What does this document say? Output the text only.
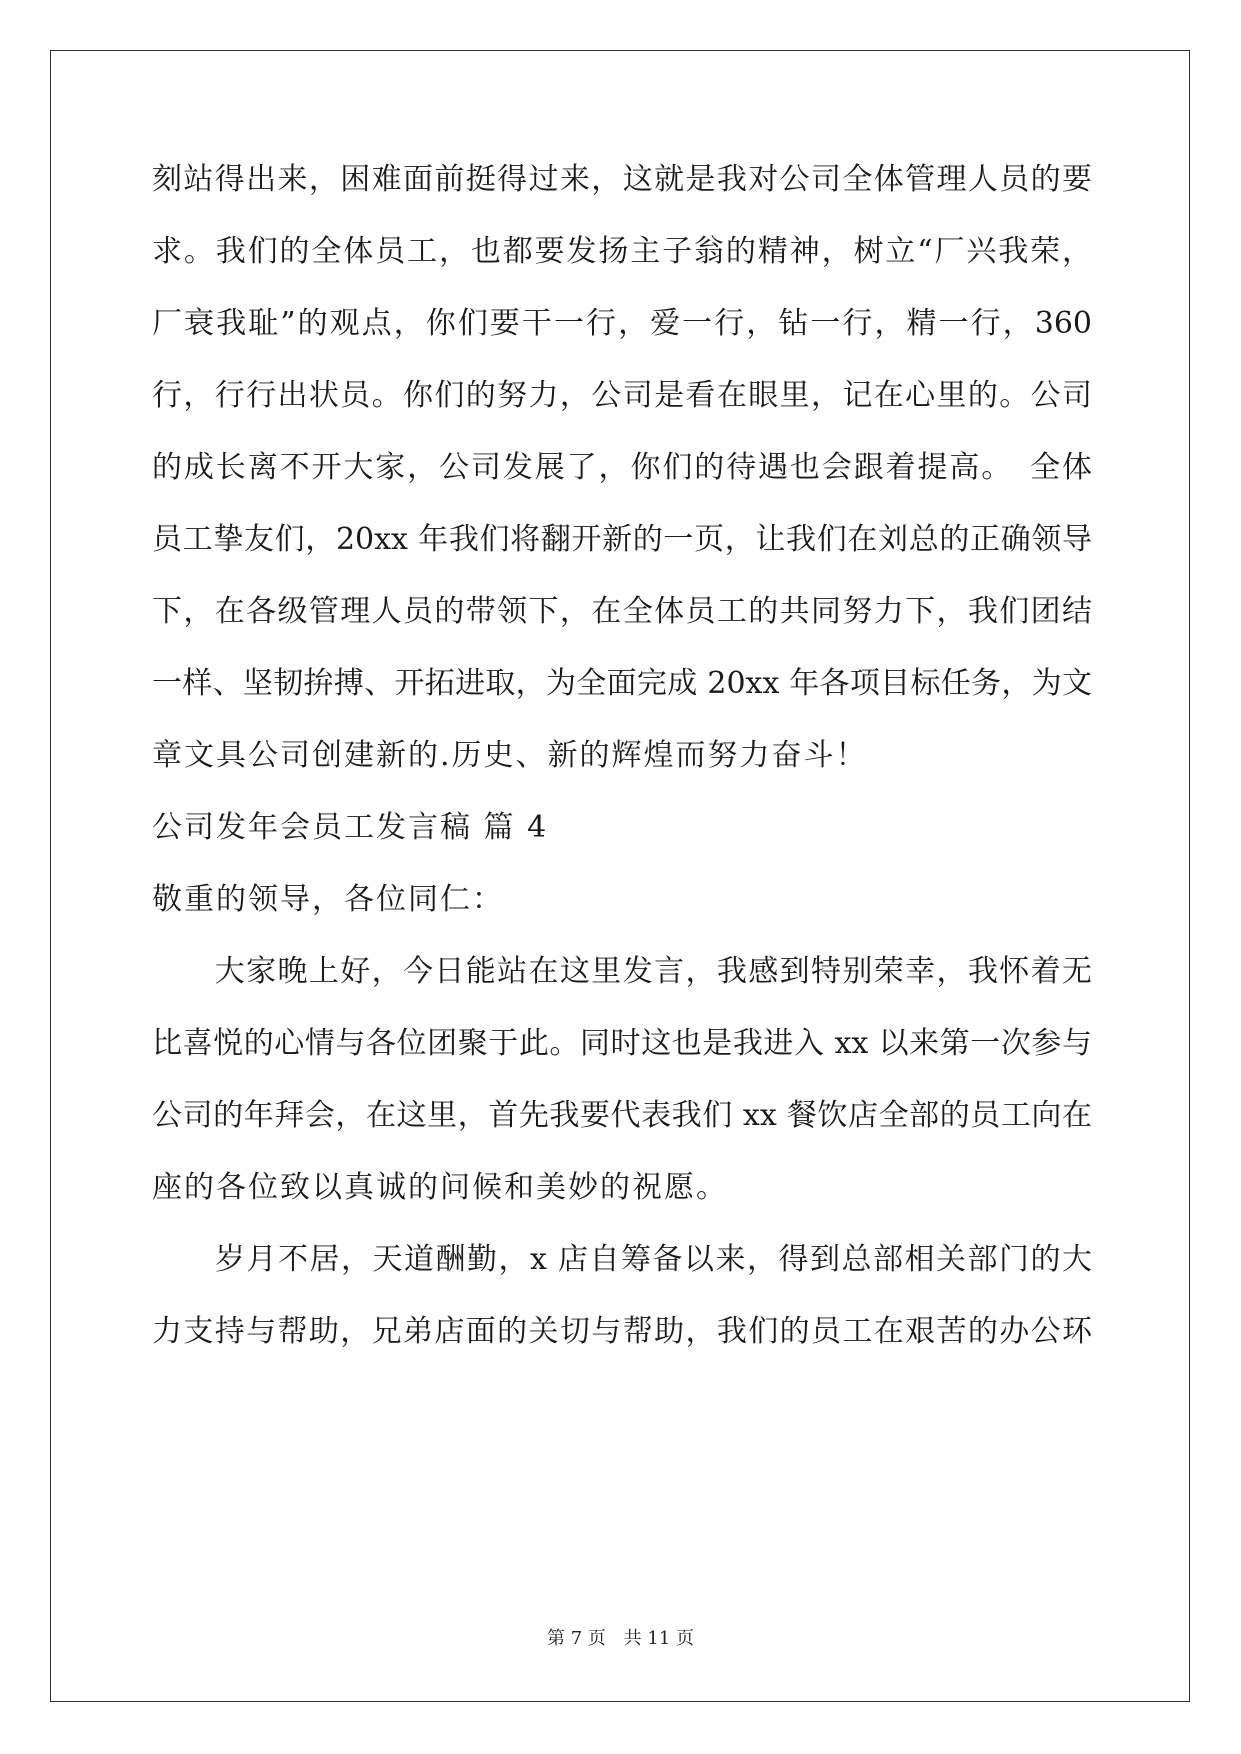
刻站得出来，困难面前挺得过来，这就是我对公司全体管理人员的要
求。我们的全体员工，也都要发扬主子翁的精神，树立“厂兴我荣，
厂衰我耻”的观点，你们要干一行，爱一行，钻一行，精一行，360
行，行行出状员。你们的努力，公司是看在眼里，记在心里的。公司
的成长离不开大家，公司发展了，你们的待遇也会跟着提高。　全体
员工挚友们，20xx 年我们将翻开新的一页，让我们在刘总的正确领导
下，在各级管理人员的带领下，在全体员工的共同努力下，我们团结
一样、坚韧拚搏、开拓进取，为全面完成 20xx 年各项目标任务，为文
章文具公司创建新的.历史、新的辉煌而努力奋斗！
公司发年会员工发言稿 篇 4
敬重的领导，各位同仁：
　　大家晚上好，今日能站在这里发言，我感到特别荣幸，我怀着无
比喜悦的心情与各位团聚于此。同时这也是我进入 xx 以来第一次参与
公司的年拜会，在这里，首先我要代表我们 xx 餐饮店全部的员工向在
座的各位致以真诚的问候和美妙的祝愿。
　　岁月不居，天道酬勤，x 店自筹备以来，得到总部相关部门的大
力支持与帮助，兄弟店面的关切与帮助，我们的员工在艰苦的办公环
第 7 页 共 11 页
